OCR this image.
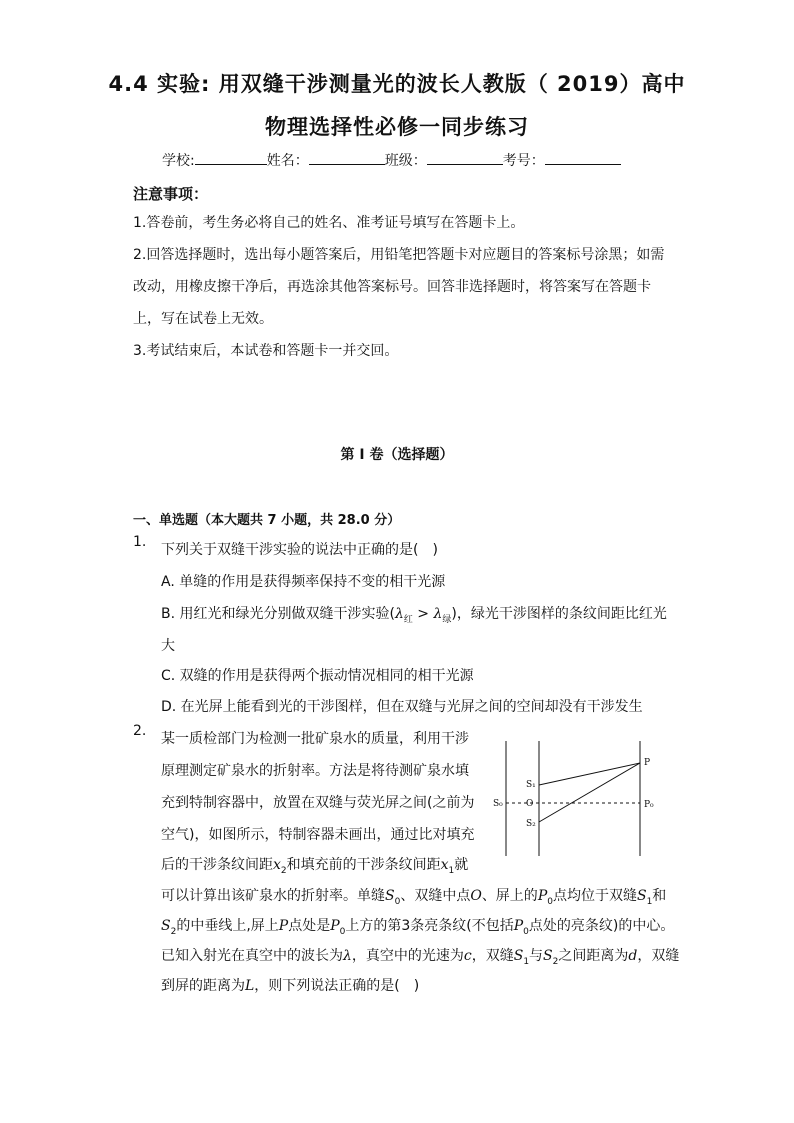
4.4 实验: 用双缝干涉测量光的波长人教版（ 2019）高中
物理选择性必修一同步练习
学校:	姓名：	班级：	考号：
注意事项：
1.答卷前，考生务必将自己的姓名、准考证号填写在答题卡上。
2.回答选择题时，选出每小题答案后，用铅笔把答题卡对应题目的答案标号涂黑；如需改动，用橡皮擦干净后，再选涂其他答案标号。回答非选择题时，将答案写在答题卡上，写在试卷上无效。
3.考试结束后，本试卷和答题卡一并交回。
第 I 卷（选择题）
一、单选题（本大题共 7 小题，共 28.0 分）
1. 下列关于双缝干涉实验的说法中正确的是(　)
A. 单缝的作用是获得频率保持不变的相干光源
B. 用红光和绿光分别做双缝干涉实验$(\lambda_红 > \lambda_绿)$，绿光干涉图样的条纹间距比红光
大
C. 双缝的作用是获得两个振动情况相同的相干光源
D. 在光屏上能看到光的干涉图样，但在双缝与光屏之间的空间却没有干涉发生
2. 某一质检部门为检测一批矿泉水的质量，利用干涉
原理测定矿泉水的折射率。方法是将待测矿泉水填
充到特制容器中，放置在双缝与荧光屏之间(之前为
空气)，如图所示，特制容器未画出，通过比对填充
后的干涉条纹间距$x_2$和填充前的干涉条纹间距$x_1$就
可以计算出该矿泉水的折射率。单缝$S_0$、双缝中点O、屏上的$P_0$点均位于双缝$S_1$和
$S_2$的中垂线上,屏上P点处是$P_0$上方的第3条亮条纹(不包括$P_0$点处的亮条纹)的中心。
已知入射光在真空中的波长为λ，真空中的光速为c，双缝$S_1$与$S_2$之间距离为d，双缝
到屏的距离为L，则下列说法正确的是(　)
S₀
S₁
S₂
O
P
P₀
